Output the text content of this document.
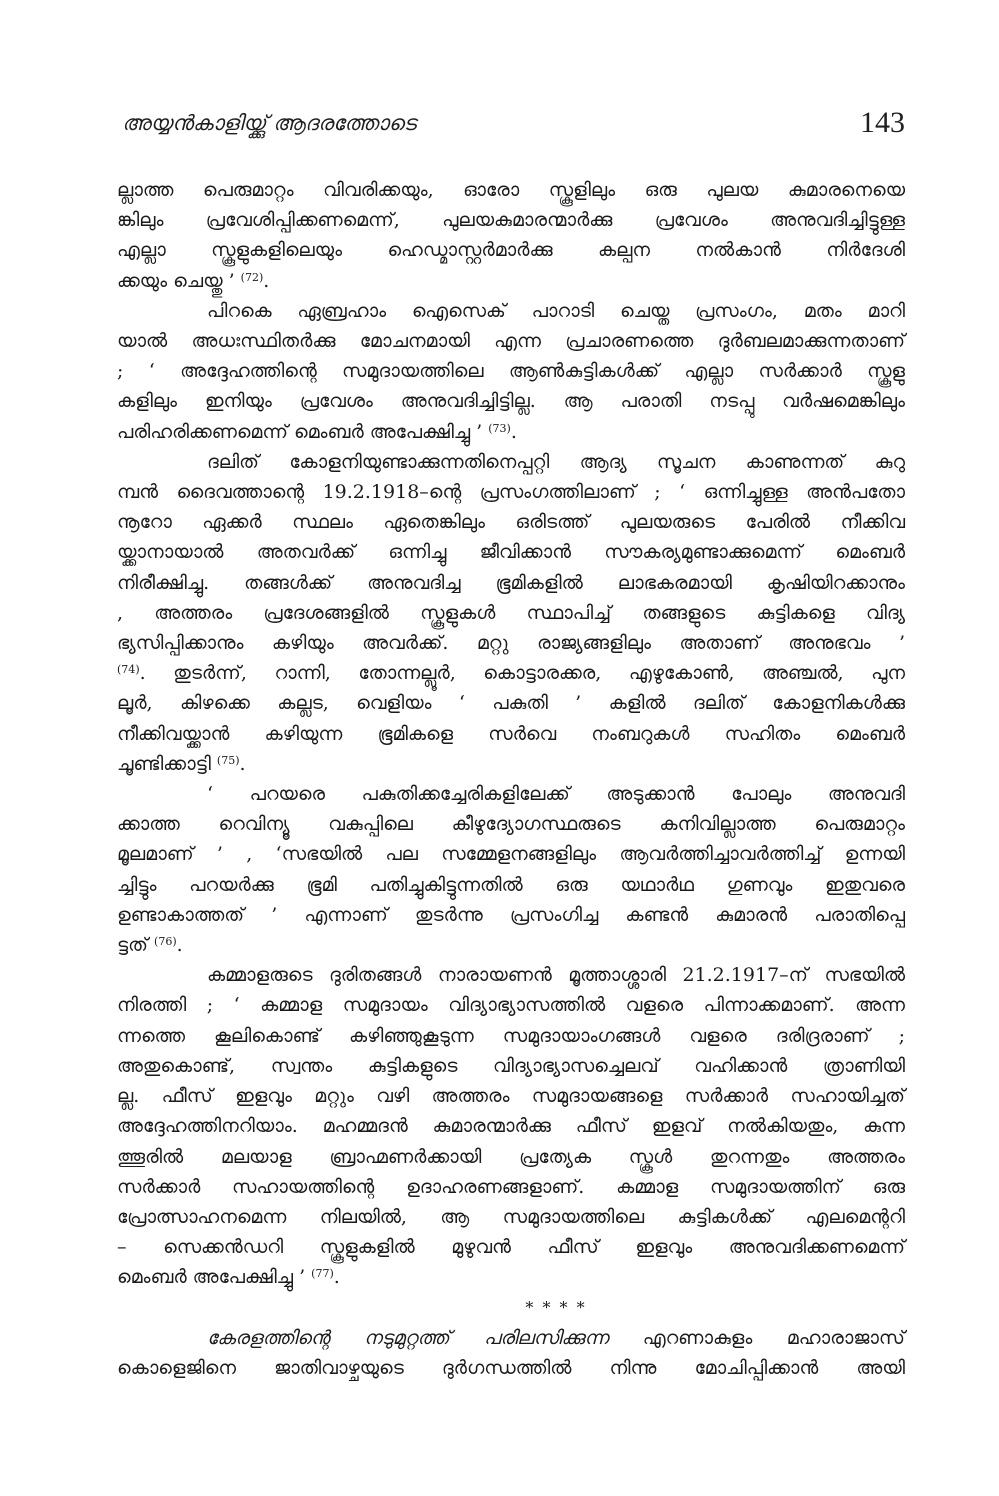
അയ്യൻകാളിയ്ക്കു് ആദരത്തോടെ	143
ല്ലാത്ത പെരുമാറ്റം വിവരിക്കയും, ഓരോ സ്കൂളിലും ഒരു പുലയ കുമാരനെയെ
ങ്കിലും പ്രവേശിപ്പിക്കണമെന്ന്, പുലയകുമാരന്മാർക്കു പ്രവേശം അനുവദിച്ചിട്ടുള്ള
എല്ലാ സ്കൂളുകളിലെയും ഹെഡ്മാസ്റ്റർമാർക്കു കല്പന നൽകാൻ നിർദേശി
ക്കയും ചെയ്തു ’ $^{(72)}$.
പിറകെ ഏബ്രഹാം ഐസെക് പാറാടി ചെയ്ത പ്രസംഗം, മതം മാറി
യാൽ അധഃസ്ഥിതർക്കു മോചനമായി എന്ന പ്രചാരണത്തെ ദുർബലമാക്കുന്നതാണ്
; ‘ അദ്ദേഹത്തിന്റെ സമുദായത്തിലെ ആൺകുട്ടികൾക്ക് എല്ലാ സർക്കാർ സ്കൂളു
കളിലും ഇനിയും പ്രവേശം അനുവദിച്ചിട്ടില്ല. ആ പരാതി നടപ്പു വർഷമെങ്കിലും
പരിഹരിക്കണമെന്ന് മെംബർ അപേക്ഷിച്ചു ’ $^{(73)}$.
ദലിത് കോളനിയുണ്ടാക്കുന്നതിനെപ്പറ്റി ആദ്യ സൂചന കാണുന്നത് കുറു
മ്പൻ ദൈവത്താന്റെ 19.2.1918–ന്റെ പ്രസംഗത്തിലാണ് ; ‘ ഒന്നിച്ചുള്ള അൻപതോ
നൂറോ ഏക്കർ സ്ഥലം ഏതെങ്കിലും ഒരിടത്ത് പുലയരുടെ പേരിൽ നീക്കിവ
യ്ക്കാനായാൽ അതവർക്ക് ഒന്നിച്ചു ജീവിക്കാൻ സൗകര്യമുണ്ടാക്കുമെന്ന് മെംബർ
നിരീക്ഷിച്ചു. തങ്ങൾക്ക് അനുവദിച്ച ഭൂമികളിൽ ലാഭകരമായി കൃഷിയിറക്കാനും
, അത്തരം പ്രദേശങ്ങളിൽ സ്കൂളുകൾ സ്ഥാപിച്ച് തങ്ങളുടെ കുട്ടികളെ വിദ്യ
ഭ്യസിപ്പിക്കാനും കഴിയും അവർക്ക്. മറ്റു രാജ്യങ്ങളിലും അതാണ് അനുഭവം ’
$^{(74)}$. തുടർന്ന്, റാന്നി, തോന്നല്ലൂർ, കൊട്ടാരക്കര, എഴുകോൺ, അഞ്ചൽ, പുന
ലൂർ, കിഴക്കെ കല്ലട, വെളിയം ‘ പകുതി ’ കളിൽ ദലിത് കോളനികൾക്കു
നീക്കിവയ്ക്കാൻ കഴിയുന്ന ഭൂമികളെ സർവെ നംബറുകൾ സഹിതം മെംബർ
ചൂണ്ടിക്കാട്ടി $^{(75)}$.
‘ പറയരെ പകുതിക്കച്ചേരികളിലേക്ക് അടുക്കാൻ പോലും അനുവദി
ക്കാത്ത റെവിന്യൂ വകുപ്പിലെ കീഴുദ്യോഗസ്ഥരുടെ കനിവില്ലാത്ത പെരുമാറ്റം
മൂലമാണ് ’ , ‘സഭയിൽ പല സമ്മേളനങ്ങളിലും ആവർത്തിച്ചാവർത്തിച്ച് ഉന്നയി
ച്ചിട്ടും പറയർക്കു ഭൂമി പതിച്ചുകിട്ടുന്നതിൽ ഒരു യഥാർഥ ഗുണവും ഇതുവരെ
ഉണ്ടാകാത്തത് ’ എന്നാണ് തുടർന്നു പ്രസംഗിച്ച കണ്ടൻ കുമാരൻ പരാതിപ്പെ
ട്ടത് $^{(76)}$.
കമ്മാളരുടെ ദുരിതങ്ങൾ നാരായണൻ മൂത്താശ്ശാരി 21.2.1917–ന് സഭയിൽ
നിരത്തി ; ‘ കമ്മാള സമുദായം വിദ്യാഭ്യാസത്തിൽ വളരെ പിന്നാക്കമാണ്. അന്ന
ന്നത്തെ കൂലികൊണ്ട് കഴിഞ്ഞുകൂടുന്ന സമുദായാംഗങ്ങൾ വളരെ ദരിദ്രരാണ് ;
അതുകൊണ്ട്, സ്വന്തം കുട്ടികളുടെ വിദ്യാഭ്യാസച്ചെലവ് വഹിക്കാൻ ത്രാണിയി
ല്ല. ഫീസ് ഇളവും മറ്റും വഴി അത്തരം സമുദായങ്ങളെ സർക്കാർ സഹായിച്ചത്
അദ്ദേഹത്തിനറിയാം. മഹമ്മദൻ കുമാരന്മാർക്കു ഫീസ് ഇളവ് നൽകിയതും, കുന്ന
ത്തൂരിൽ മലയാള ബ്രാഹ്മണർക്കായി പ്രത്യേക സ്കൂൾ തുറന്നതും അത്തരം
സർക്കാർ സഹായത്തിന്റെ ഉദാഹരണങ്ങളാണ്. കമ്മാള സമുദായത്തിന് ഒരു
പ്രോത്സാഹനമെന്ന നിലയിൽ, ആ സമുദായത്തിലെ കുട്ടികൾക്ക് എലമെന്ററി
– സെക്കൻഡറി സ്കൂളുകളിൽ മുഴുവൻ ഫീസ് ഇളവും അനുവദിക്കണമെന്ന്
മെംബർ അപേക്ഷിച്ചു ’ $^{(77)}$.
* * * *
കേരളത്തിന്റെ നടുമുറ്റത്ത് പരിലസിക്കുന്ന എറണാകുളം മഹാരാജാസ്
കൊളെജിനെ ജാതിവാഴ്ചയുടെ ദുർഗന്ധത്തിൽ നിന്നു മോചിപ്പിക്കാൻ അയി
